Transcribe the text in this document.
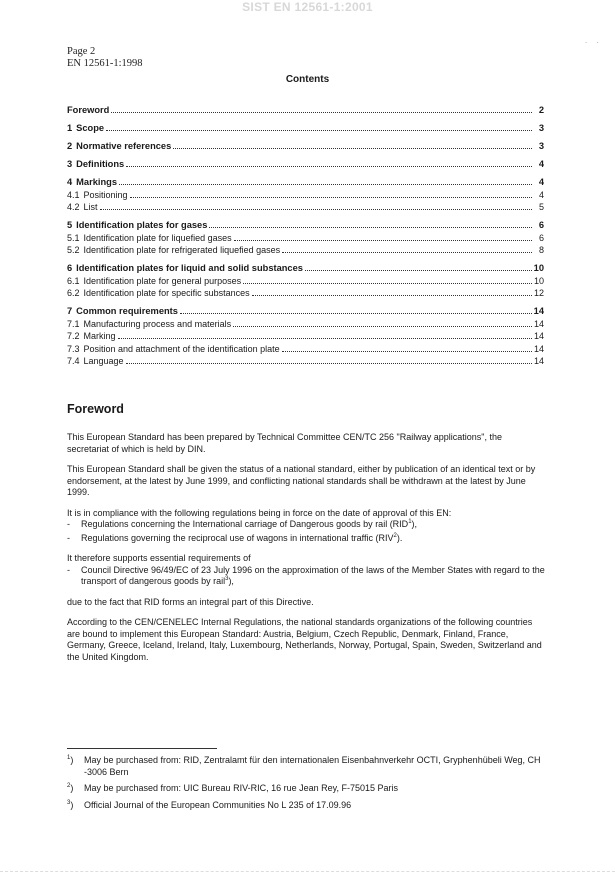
SIST EN 12561-1:2001
Page 2
EN 12561-1:1998
Contents
Foreword	2
1 Scope	3
2 Normative references	3
3 Definitions	4
4 Markings	4
4.1 Positioning	4
4.2 List	5
5 Identification plates for gases	6
5.1 Identification plate for liquefied gases	6
5.2 Identification plate for refrigerated liquefied gases	8
6 Identification plates for liquid and solid substances	10
6.1 Identification plate for general purposes	10
6.2 Identification plate for specific substances	12
7 Common requirements	14
7.1 Manufacturing process and materials	14
7.2 Marking	14
7.3 Position and attachment of the identification plate	14
7.4 Language	14
Foreword

This European Standard has been prepared by Technical Committee CEN/TC 256 "Railway applications", the secretariat of which is held by DIN.

This European Standard shall be given the status of a national standard, either by publication of an identical text or by endorsement, at the latest by June 1999, and conflicting national standards shall be withdrawn at the latest by June 1999.

It is in compliance with the following regulations being in force on the date of approval of this EN:

-	Regulations concerning the International carriage of Dangerous goods by rail (RID$^1$),
-	Regulations governing the reciprocal use of wagons in international traffic (RIV$^2$).

It therefore supports essential requirements of

-	Council Directive 96/49/EC of 23 July 1996 on the approximation of the laws of the Member States with regard to the transport of dangerous goods by rail$^3$),

due to the fact that RID forms an integral part of this Directive.

According to the CEN/CENELEC Internal Regulations, the national standards organizations of the following countries are bound to implement this European Standard: Austria, Belgium, Czech Republic, Denmark, Finland, France, Germany, Greece, Iceland, Ireland, Italy, Luxembourg, Netherlands, Norway, Portugal, Spain, Sweden, Switzerland and the United Kingdom.

$^1$)	May be purchased from: RID, Zentralamt für den internationalen Eisenbahnverkehr OCTI, Gryphenhübeli Weg, CH -3006 Bern
$^2$)	May be purchased from: UIC Bureau RIV-RIC, 16 rue Jean Rey, F-75015 Paris
$^3$)	Official Journal of the European Communities No L 235 of 17.09.96
·    ·
